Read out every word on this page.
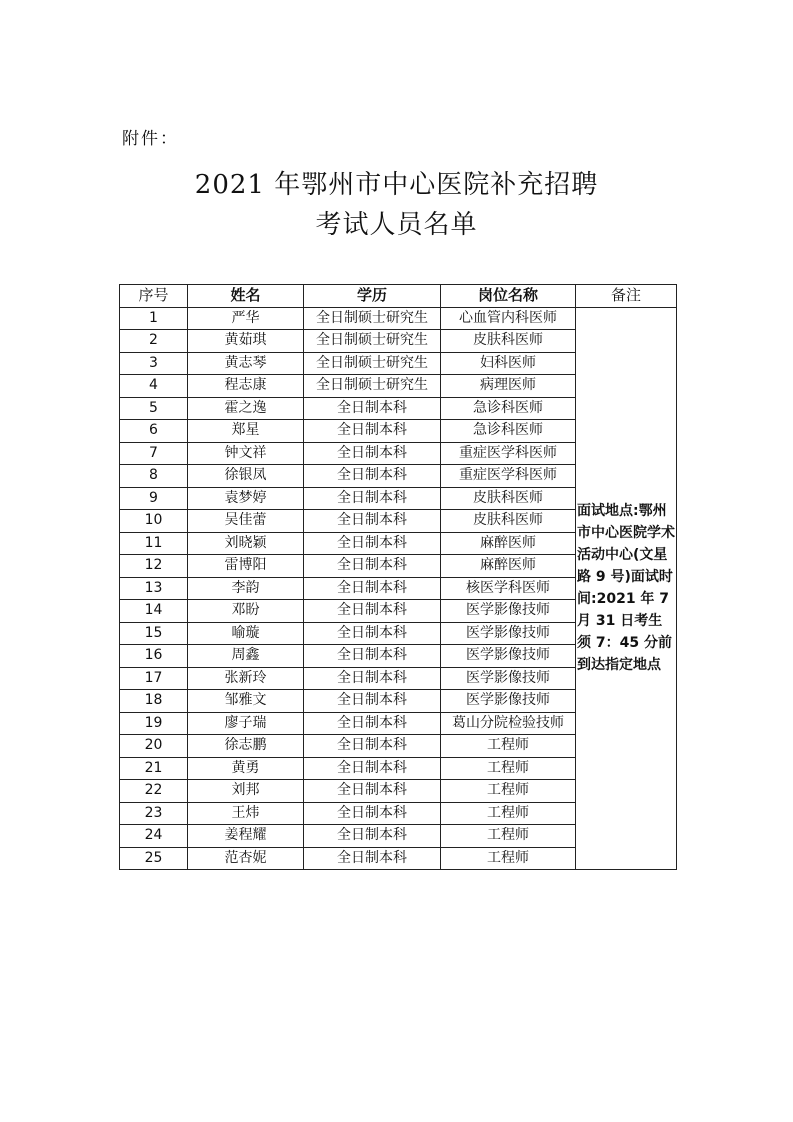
附件：
2021 年鄂州市中心医院补充招聘
考试人员名单
序号	姓名	学历	岗位名称	备注
1	严华	全日制硕士研究生	心血管内科医师	面试地点:鄂州市中心医院学术活动中心(文星路 9 号)面试时间:2021 年 7 月 31 日考生须 7：45 分前到达指定地点
2	黄茹琪	全日制硕士研究生	皮肤科医师	
3	黄志琴	全日制硕士研究生	妇科医师	
4	程志康	全日制硕士研究生	病理医师	
5	霍之逸	全日制本科	急诊科医师	
6	郑星	全日制本科	急诊科医师	
7	钟文祥	全日制本科	重症医学科医师	
8	徐银凤	全日制本科	重症医学科医师	
9	袁梦婷	全日制本科	皮肤科医师	
10	吴佳蕾	全日制本科	皮肤科医师	
11	刘晓颖	全日制本科	麻醉医师	
12	雷博阳	全日制本科	麻醉医师	
13	李韵	全日制本科	核医学科医师	
14	邓盼	全日制本科	医学影像技师	
15	喻璇	全日制本科	医学影像技师	
16	周鑫	全日制本科	医学影像技师	
17	张新玲	全日制本科	医学影像技师	
18	邹雅文	全日制本科	医学影像技师	
19	廖子瑞	全日制本科	葛山分院检验技师	
20	徐志鹏	全日制本科	工程师	
21	黄勇	全日制本科	工程师	
22	刘邦	全日制本科	工程师	
23	王炜	全日制本科	工程师	
24	姜程耀	全日制本科	工程师	
25	范杏妮	全日制本科	工程师	
